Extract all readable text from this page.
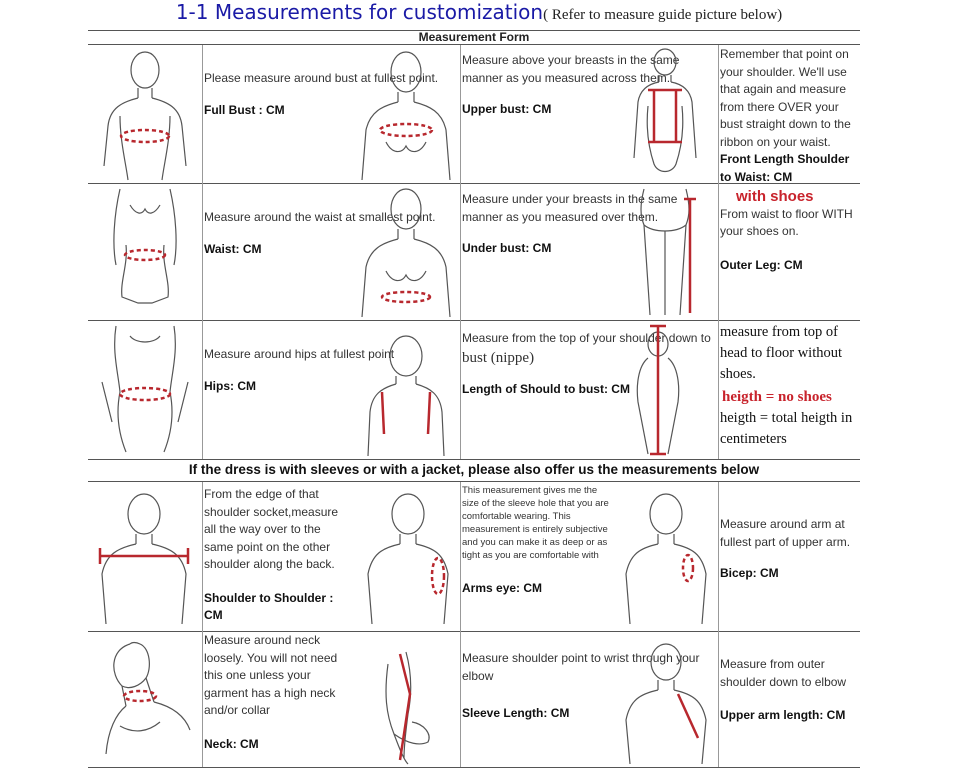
1-1 Measurements for customization( Refer to measure guide picture below)
Measurement Form
Please measure around bust at fullest point.
Full Bust : CM
Measure above your breasts in the same manner as you measured across them.
Upper bust: CM
Remember that point on your shoulder. We'll use that again and measure from there OVER your bust straight down to the ribbon on your waist.
Front Length Shoulder to Waist: CM
Measure around the waist at smallest point.
Waist: CM
Measure under your breasts in the same manner as you measured over them.
Under bust: CM
with shoes
From waist to floor WITH your shoes on.
Outer Leg: CM
Measure around hips at fullest point
Hips: CM
Measure from the top of your shoulder down to
bust (nippe)
Length of Should to bust: CM
measure from top of head to floor without shoes.
heigth = no shoes
heigth = total heigth in centimeters
If the dress is with sleeves or with a jacket, please also offer us the measurements below
From the edge of that shoulder socket,measure all the way over to the same point on the other shoulder along the back.
Shoulder to Shoulder : CM
This measurement gives me the size of the sleeve hole that you are comfortable wearing. This measurement is entirely subjective and you can make it as deep or as tight as you are comfortable with
Arms eye: CM
Measure around arm at fullest part of upper arm.
Bicep: CM
Measure around neck loosely. You will not need this one unless your garment has a high neck and/or collar
Neck: CM
Measure shoulder point to wrist through your elbow
Sleeve Length: CM
Measure from outer shoulder down to elbow
Upper arm length: CM
